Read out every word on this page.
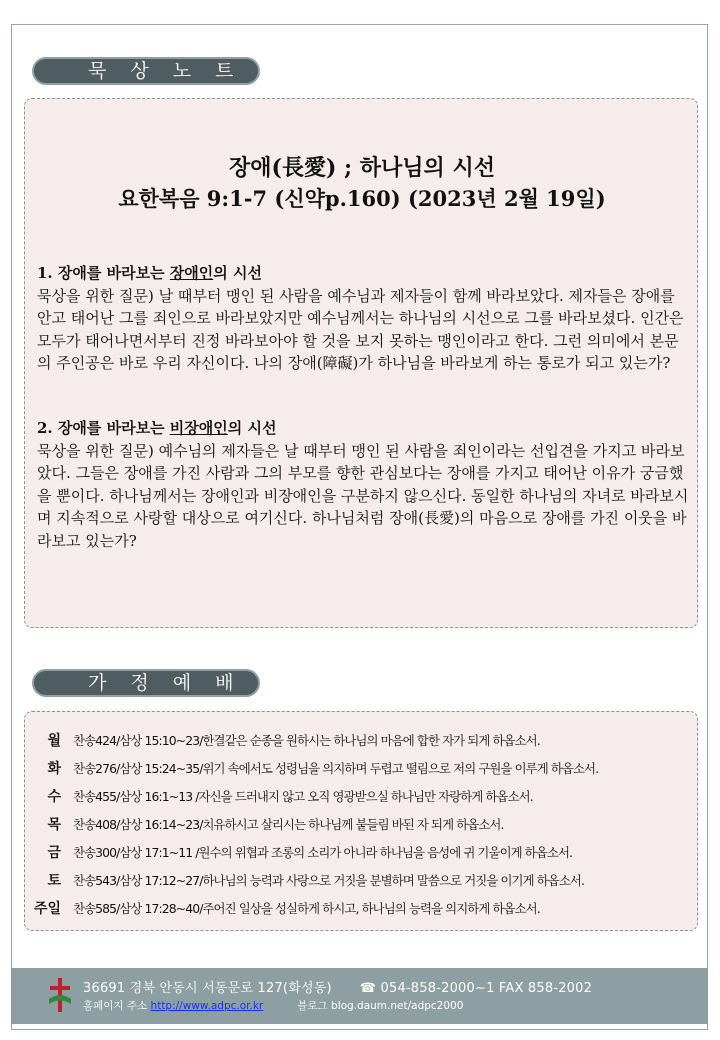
묵 상 노 트
장애(長愛) ; 하나님의 시선
요한복음 9:1-7 (신약p.160) (2023년 2월 19일)
1. 장애를 바라보는 장애인의 시선
묵상을 위한 질문) 날 때부터 맹인 된 사람을 예수님과 제자들이 함께 바라보았다. 제자들은 장애를 안고 태어난 그를 죄인으로 바라보았지만 예수님께서는 하나님의 시선으로 그를 바라보셨다. 인간은 모두가 태어나면서부터 진정 바라보아야 할 것을 보지 못하는 맹인이라고 한다. 그런 의미에서 본문의 주인공은 바로 우리 자신이다. 나의 장애(障礙)가 하나님을 바라보게 하는 통로가 되고 있는가?
2. 장애를 바라보는 비장애인의 시선
묵상을 위한 질문) 예수님의 제자들은 날 때부터 맹인 된 사람을 죄인이라는 선입견을 가지고 바라보았다. 그들은 장애를 가진 사람과 그의 부모를 향한 관심보다는 장애를 가지고 태어난 이유가 궁금했을 뿐이다. 하나님께서는 장애인과 비장애인을 구분하지 않으신다. 동일한 하나님의 자녀로 바라보시며 지속적으로 사랑할 대상으로 여기신다. 하나님처럼 장애(長愛)의 마음으로 장애를 가진 이웃을 바라보고 있는가?
가 정 예 배
월 찬송424/삼상 15:10~23/한결같은 순종을 원하시는 하나님의 마음에 합한 자가 되게 하옵소서.
화 찬송276/삼상 15:24~35/위기 속에서도 성령님을 의지하며 두렵고 떨림으로 저의 구원을 이루게 하옵소서.
수 찬송455/삼상 16:1~13 /자신을 드러내지 않고 오직 영광받으실 하나님만 자랑하게 하옵소서.
목 찬송408/삼상 16:14~23/치유하시고 살리시는 하나님께 붙들림 바된 자 되게 하옵소서.
금 찬송300/삼상 17:1~11 /원수의 위협과 조롱의 소리가 아니라 하나님을 음성에 귀 기울이게 하옵소서.
토 찬송543/삼상 17:12~27/하나님의 능력과 사랑으로 거짓을 분별하며 말씀으로 거짓을 이기게 하옵소서.
주일 찬송585/삼상 17:28~40/주어진 일상을 성실하게 하시고, 하나님의 능력을 의지하게 하옵소서.
36691 경북 안동시 서동문로 127(화성동) ☎ 054-858-2000~1 FAX 858-2002
홈페이지 주소 http://www.adpc.or.kr	블로그 blog.daum.net/adpc2000
